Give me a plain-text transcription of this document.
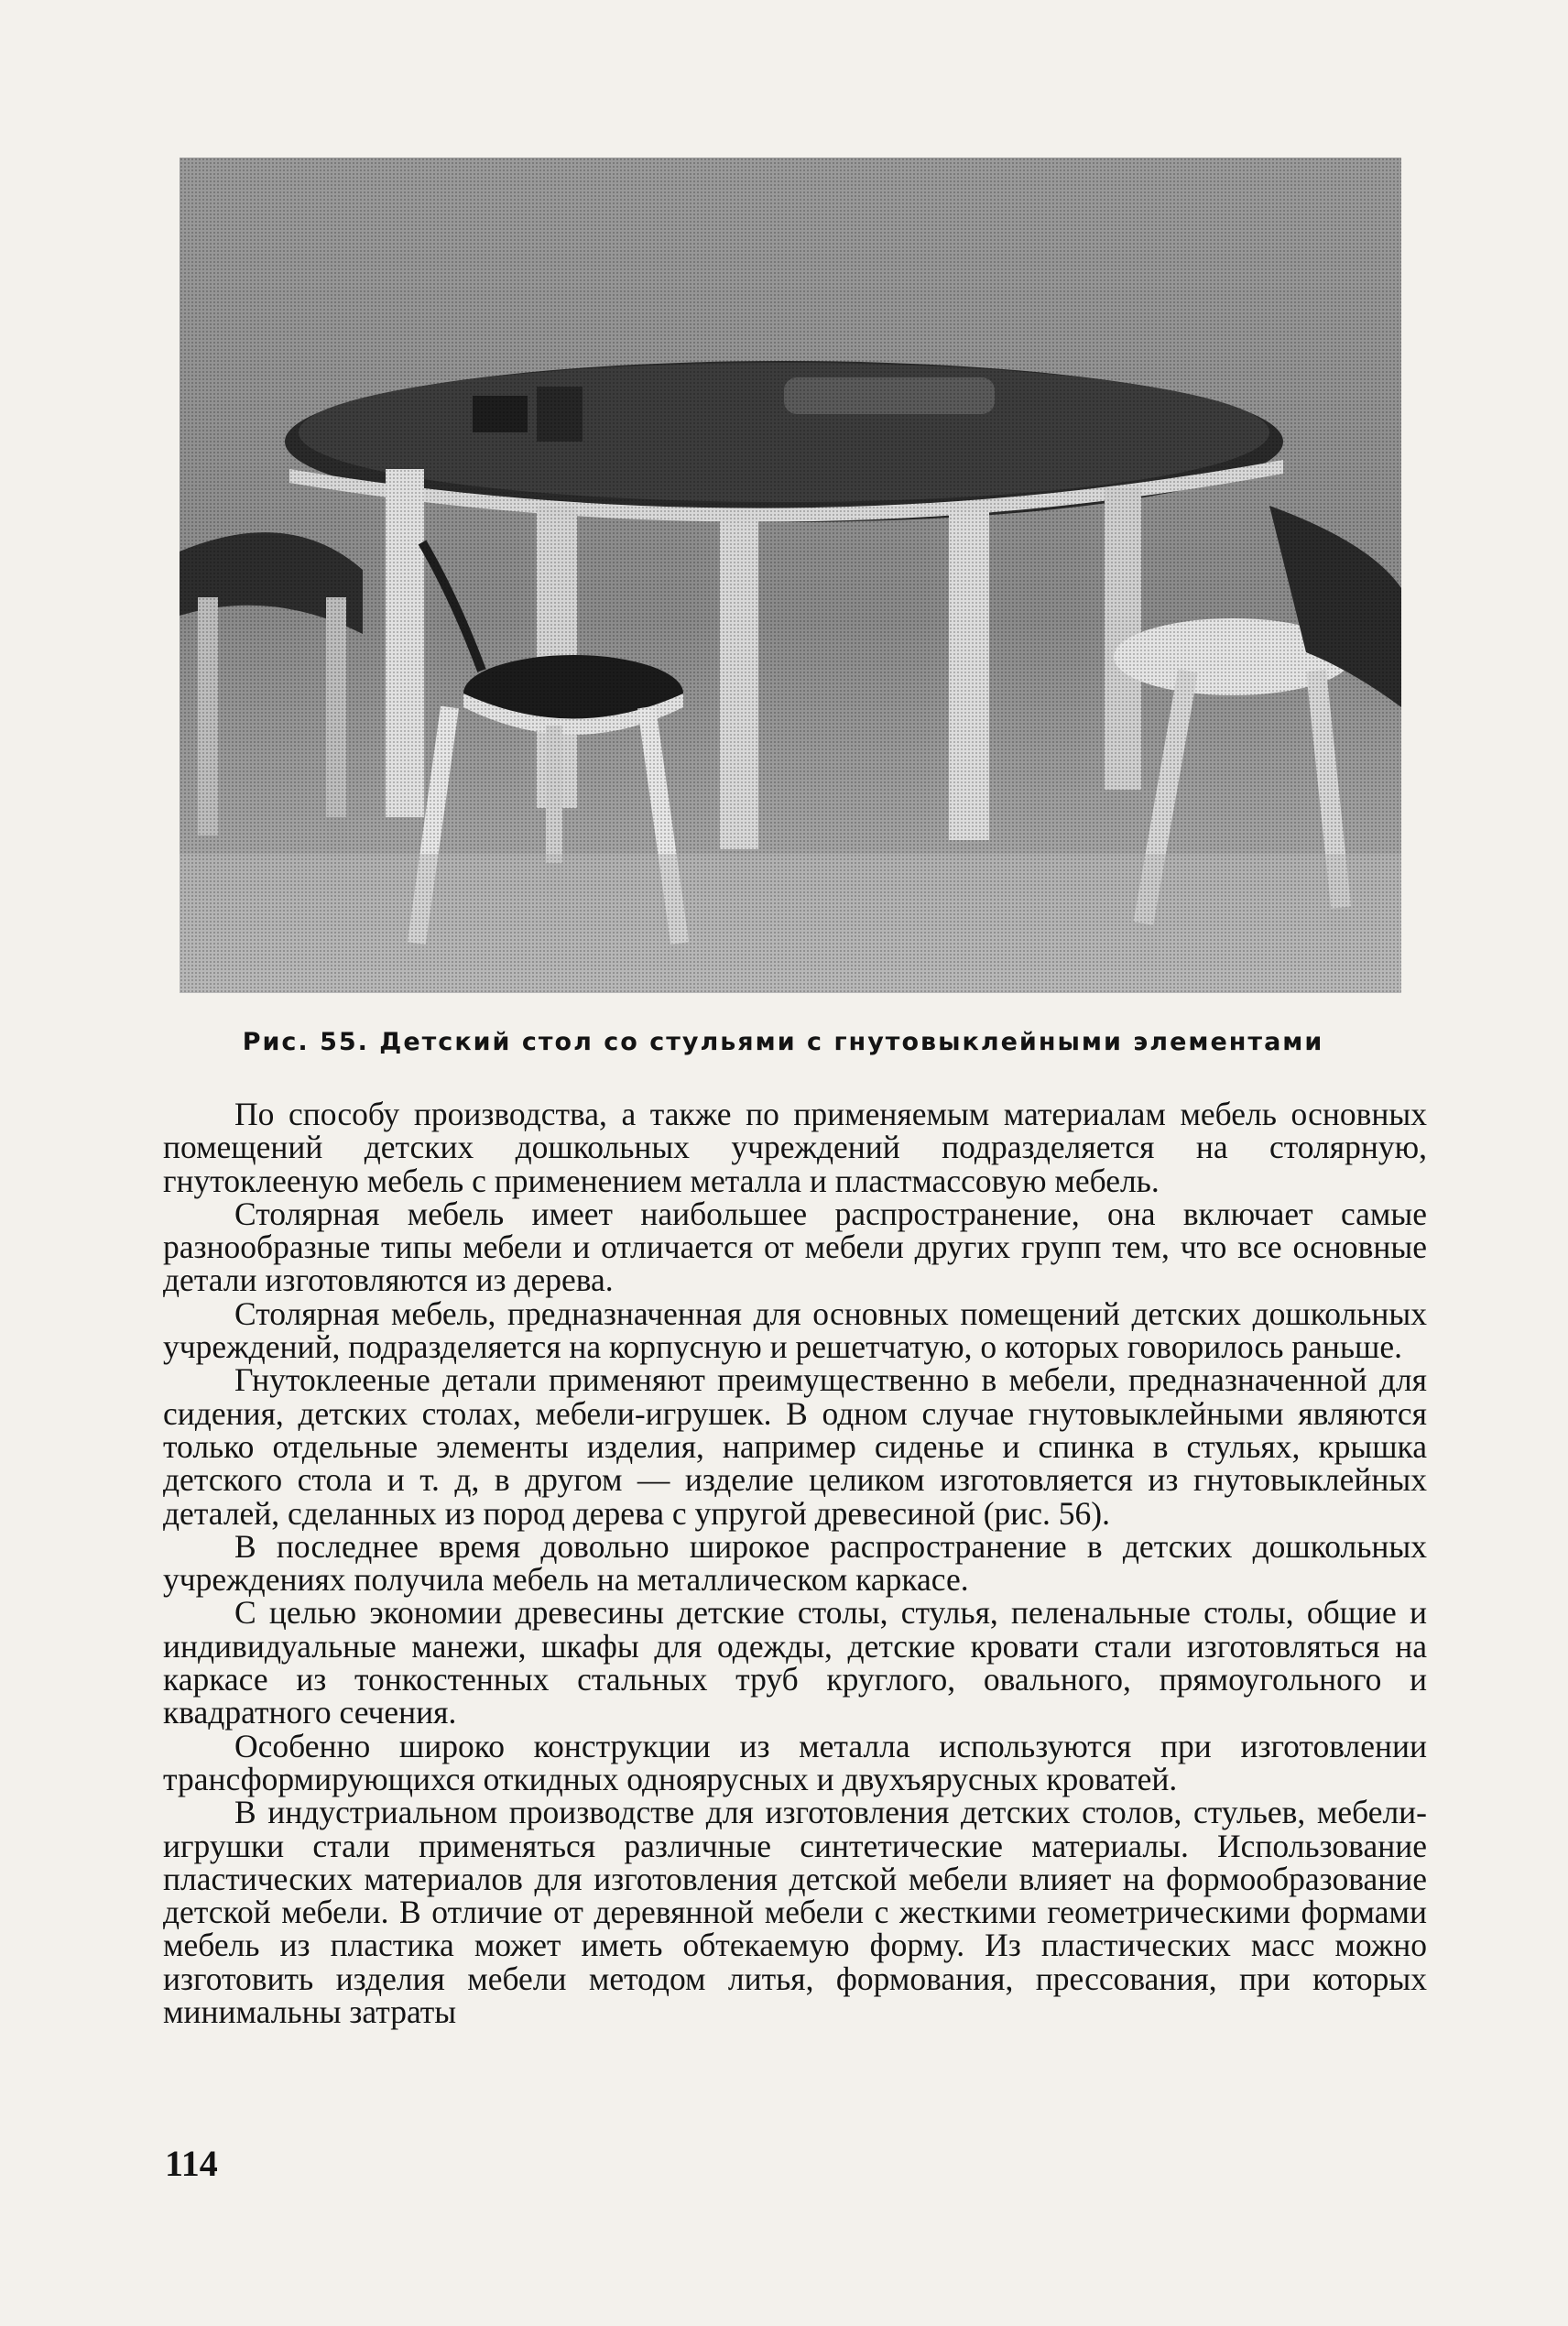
Рис. 55. Детский стол со стульями с гнутовыклейными элементами

По способу производства, а также по применяемым материалам мебель основных помещений детских дошкольных учреждений подразделяется на столярную, гнутоклееную мебель с применением металла и пластмассовую мебель.

Столярная мебель имеет наибольшее распространение, она включает самые разнообразные типы мебели и отличается от мебели других групп тем, что все основные детали изготовляются из дерева.

Столярная мебель, предназначенная для основных помещений детских дошкольных учреждений, подразделяется на корпусную и решетчатую, о которых говорилось раньше.

Гнутоклееные детали применяют преимущественно в мебели, предназначенной для сидения, детских столах, мебели-игрушек. В одном случае гнутовыклейными являются только отдельные элементы изделия, например сиденье и спинка в стульях, крышка детского стола и т. д, в другом — изделие целиком изготовляется из гнутовыклейных деталей, сделанных из пород дерева с упругой древесиной (рис. 56).

В последнее время довольно широкое распространение в детских дошкольных учреждениях получила мебель на металлическом каркасе.

С целью экономии древесины детские столы, стулья, пеленальные столы, общие и индивидуальные манежи, шкафы для одежды, детские кровати стали изготовляться на каркасе из тонкостенных стальных труб круглого, овального, прямоугольного и квадратного сечения.

Особенно широко конструкции из металла используются при изготовлении трансформирующихся откидных одноярусных и двухъярусных кроватей.

В индустриальном производстве для изготовления детских столов, стульев, мебели-игрушки стали применяться различные синтетические материалы. Использование пластических материалов для изготовления детской мебели влияет на формообразование детской мебели. В отличие от деревянной мебели с жесткими геометрическими формами мебель из пластика может иметь обтекаемую форму. Из пластических масс можно изготовить изделия мебели методом литья, формования, прессования, при которых минимальны затраты

114
